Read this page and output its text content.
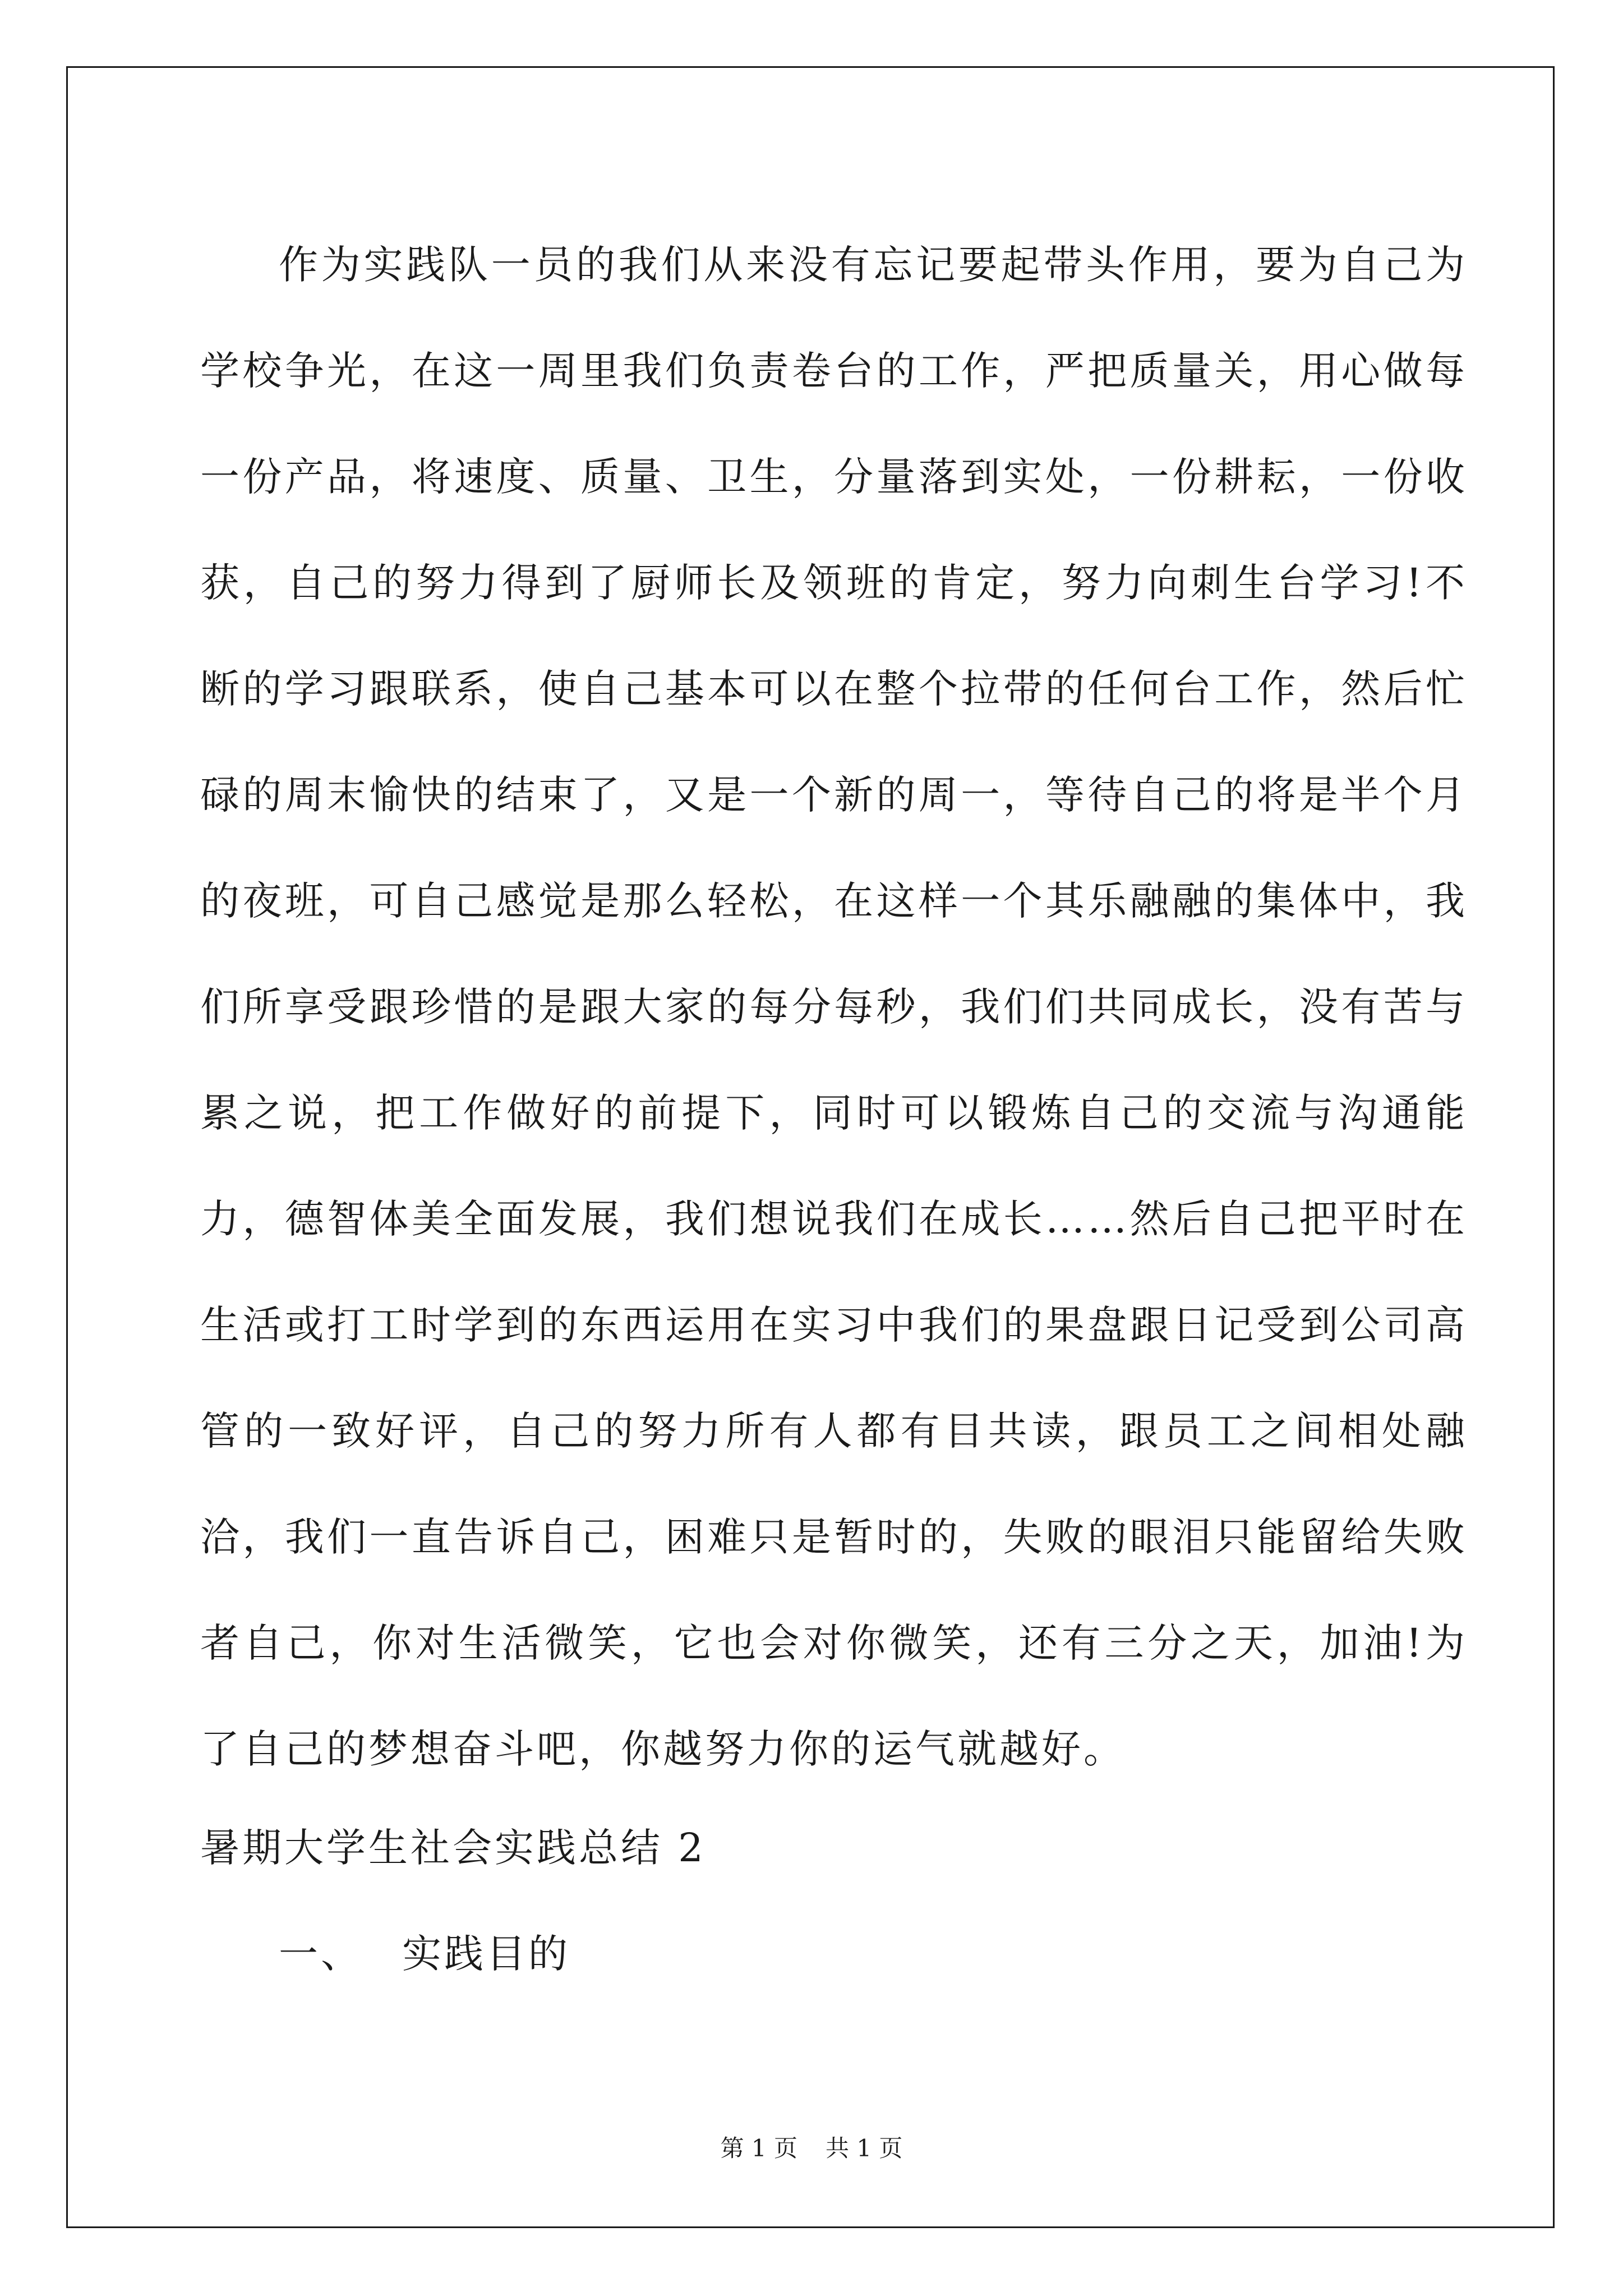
作为实践队一员的我们从来没有忘记要起带头作用，要为自己为学校争光，在这一周里我们负责卷台的工作，严把质量关，用心做每一份产品，将速度、质量、卫生，分量落到实处，一份耕耘，一份收获，自己的努力得到了厨师长及领班的肯定，努力向刺生台学习!不断的学习跟联系，使自己基本可以在整个拉带的任何台工作，然后忙碌的周末愉快的结束了，又是一个新的周一，等待自己的将是半个月的夜班，可自己感觉是那么轻松，在这样一个其乐融融的集体中，我们所享受跟珍惜的是跟大家的每分每秒，我们们共同成长，没有苦与累之说，把工作做好的前提下，同时可以锻炼自己的交流与沟通能力，德智体美全面发展，我们想说我们在成长……然后自己把平时在生活或打工时学到的东西运用在实习中我们的果盘跟日记受到公司高管的一致好评，自己的努力所有人都有目共读，跟员工之间相处融洽，我们一直告诉自己，困难只是暂时的，失败的眼泪只能留给失败者自己，你对生活微笑，它也会对你微笑，还有三分之天，加油!为了自己的梦想奋斗吧，你越努力你的运气就越好。

暑期大学生社会实践总结 2

一、 实践目的

第 1 页 共 1 页
